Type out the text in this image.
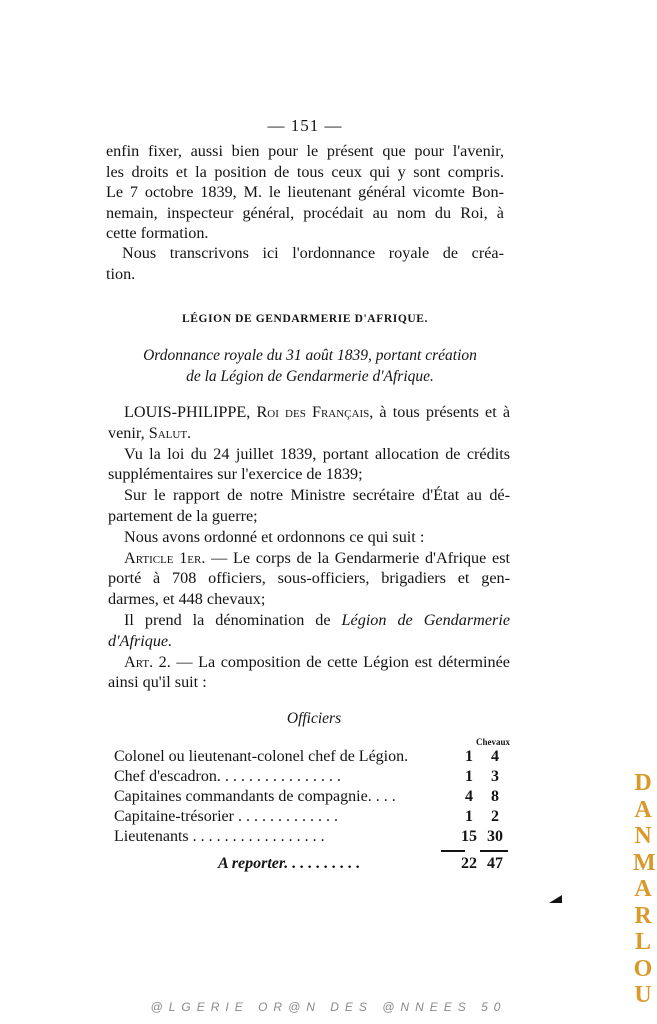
— 151 —
enfin fixer, aussi bien pour le présent que pour l'avenir,
les droits et la position de tous ceux qui y sont compris.
Le 7 octobre 1839, M. le lieutenant général vicomte Bon-
nemain, inspecteur général, procédait au nom du Roi, à
cette formation.
Nous transcrivons ici l'ordonnance royale de créa-
tion.
LÉGION DE GENDARMERIE D'AFRIQUE.
Ordonnance royale du 31 août 1839, portant création
de la Légion de Gendarmerie d'Afrique.
LOUIS-PHILIPPE, Roi des Français, à tous présents et à
venir, Salut.
Vu la loi du 24 juillet 1839, portant allocation de crédits
supplémentaires sur l'exercice de 1839;
Sur le rapport de notre Ministre secrétaire d'État au dé-
partement de la guerre;
Nous avons ordonné et ordonnons ce qui suit :
Article 1er. — Le corps de la Gendarmerie d'Afrique est
porté à 708 officiers, sous-officiers, brigadiers et gen-
darmes, et 448 chevaux;
Il prend la dénomination de Légion de Gendarmerie
d'Afrique.
Art. 2. — La composition de cette Légion est déterminée
ainsi qu'il suit :
Officiers
Chevaux
Colonel ou lieutenant-colonel chef de Légion.	1	4
Chef d'escadron. . . . . . . . . . . . . . . .	1	3
Capitaines commandants de compagnie. . . .	4	8
Capitaine-trésorier . . . . . . . . . . . . .	1	2
Lieutenants . . . . . . . . . . . . . . . . .	15 30
A reporter. . . . . . . . . .	22 47
DANMARLOU
@LGERIE OR@N DES @NNEES 50
